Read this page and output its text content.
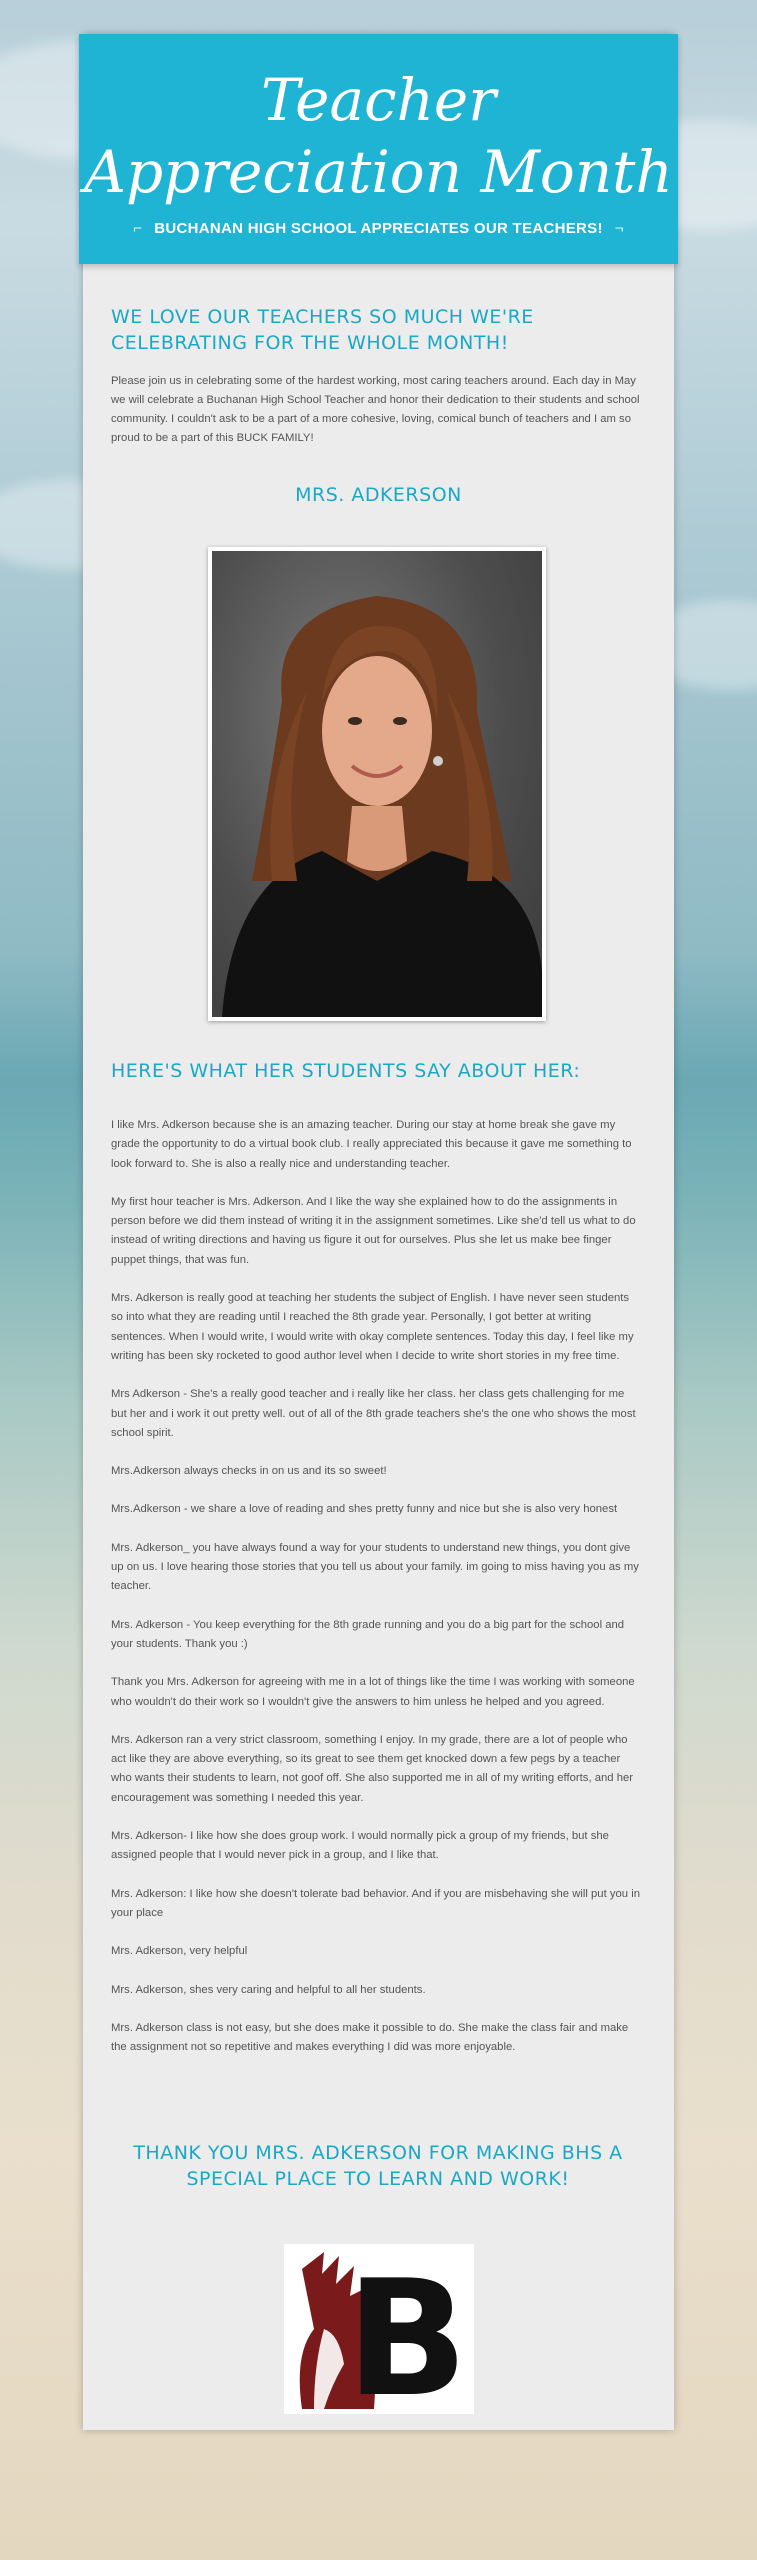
Teacher
Appreciation Month
⌐ BUCHANAN HIGH SCHOOL APPRECIATES OUR TEACHERS! ¬
WE LOVE OUR TEACHERS SO MUCH WE'RE CELEBRATING FOR THE WHOLE MONTH!
Please join us in celebrating some of the hardest working, most caring teachers around. Each day in May we will celebrate a Buchanan High School Teacher and honor their dedication to their students and school community. I couldn't ask to be a part of a more cohesive, loving, comical bunch of teachers and I am so proud to be a part of this BUCK FAMILY!
MRS. ADKERSON
HERE'S WHAT HER STUDENTS SAY ABOUT HER:

I like Mrs. Adkerson because she is an amazing teacher. During our stay at home break she gave my grade the opportunity to do a virtual book club. I really appreciated this because it gave me something to look forward to. She is also a really nice and understanding teacher.

My first hour teacher is Mrs. Adkerson. And I like the way she explained how to do the assignments in person before we did them instead of writing it in the assignment sometimes. Like she'd tell us what to do instead of writing directions and having us figure it out for ourselves. Plus she let us make bee finger puppet things, that was fun.

Mrs. Adkerson is really good at teaching her students the subject of English. I have never seen students so into what they are reading until I reached the 8th grade year. Personally, I got better at writing sentences. When I would write, I would write with okay complete sentences. Today this day, I feel like my writing has been sky rocketed to good author level when I decide to write short stories in my free time.

Mrs Adkerson - She's a really good teacher and i really like her class. her class gets challenging for me but her and i work it out pretty well. out of all of the 8th grade teachers she's the one who shows the most school spirit.

Mrs.Adkerson always checks in on us and its so sweet!

Mrs.Adkerson - we share a love of reading and shes pretty funny and nice but she is also very honest

Mrs. Adkerson_ you have always found a way for your students to understand new things, you dont give up on us. I love hearing those stories that you tell us about your family. im going to miss having you as my teacher.

Mrs. Adkerson - You keep everything for the 8th grade running and you do a big part for the school and your students. Thank you :)

Thank you Mrs. Adkerson for agreeing with me in a lot of things like the time I was working with someone who wouldn't do their work so I wouldn't give the answers to him unless he helped and you agreed.

Mrs. Adkerson ran a very strict classroom, something I enjoy. In my grade, there are a lot of people who act like they are above everything, so its great to see them get knocked down a few pegs by a teacher who wants their students to learn, not goof off. She also supported me in all of my writing efforts, and her encouragement was something I needed this year.

Mrs. Adkerson- I like how she does group work. I would normally pick a group of my friends, but she assigned people that I would never pick in a group, and I like that.

Mrs. Adkerson: I like how she doesn't tolerate bad behavior. And if you are misbehaving she will put you in your place

Mrs. Adkerson, very helpful

Mrs. Adkerson, shes very caring and helpful to all her students.

Mrs. Adkerson class is not easy, but she does make it possible to do. She make the class fair and make the assignment not so repetitive and makes everything I did was more enjoyable.

THANK YOU MRS. ADKERSON FOR MAKING BHS A SPECIAL PLACE TO LEARN AND WORK!
B
